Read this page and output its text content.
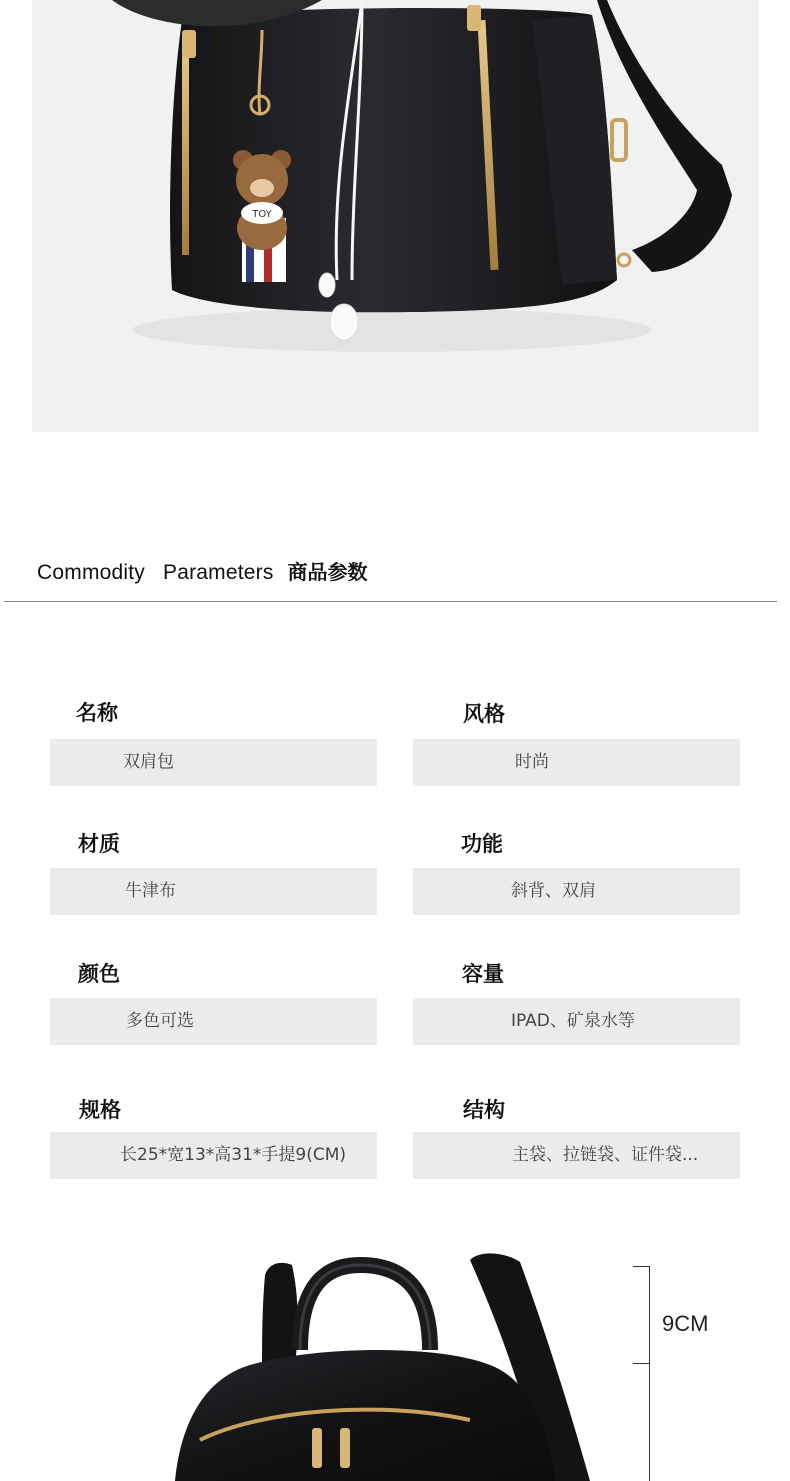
TOY
Commodity Parameters 商品参数
名称
双肩包
风格
时尚
材质
牛津布
功能
斜背、双肩
颜色
多色可选
容量
IPAD、矿泉水等
规格
长25*宽13*高31*手提9(CM)
结构
主袋、拉链袋、证件袋...
9CM
